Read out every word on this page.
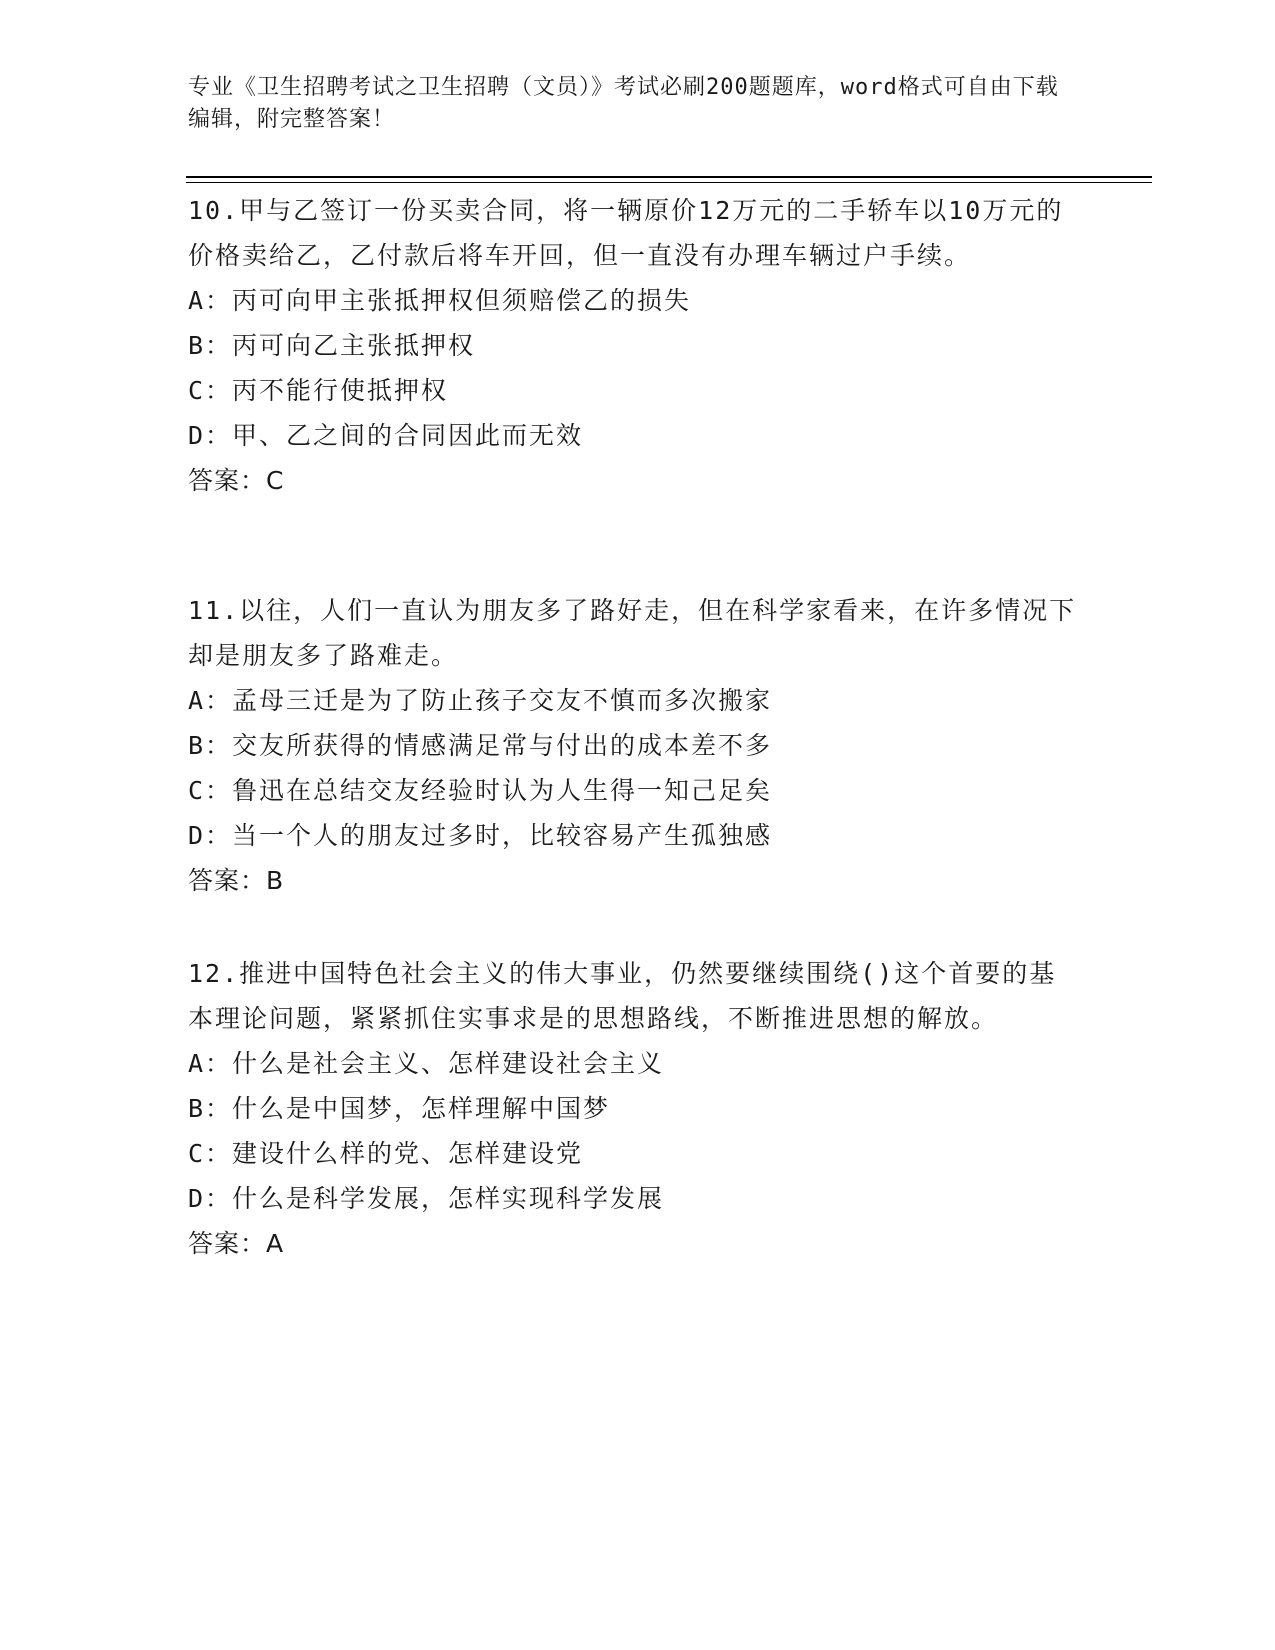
专业《卫生招聘考试之卫生招聘（文员）》考试必刷200题题库，word格式可自由下载编辑，附完整答案！
10.甲与乙签订一份买卖合同，将一辆原价12万元的二手轿车以10万元的价格卖给乙，乙付款后将车开回，但一直没有办理车辆过户手续。
A：丙可向甲主张抵押权但须赔偿乙的损失
B：丙可向乙主张抵押权
C：丙不能行使抵押权
D：甲、乙之间的合同因此而无效
答案：C
11.以往，人们一直认为朋友多了路好走，但在科学家看来，在许多情况下却是朋友多了路难走。
A：孟母三迁是为了防止孩子交友不慎而多次搬家
B：交友所获得的情感满足常与付出的成本差不多
C：鲁迅在总结交友经验时认为人生得一知己足矣
D：当一个人的朋友过多时，比较容易产生孤独感
答案：B
12.推进中国特色社会主义的伟大事业，仍然要继续围绕()这个首要的基本理论问题，紧紧抓住实事求是的思想路线，不断推进思想的解放。
A：什么是社会主义、怎样建设社会主义
B：什么是中国梦，怎样理解中国梦
C：建设什么样的党、怎样建设党
D：什么是科学发展，怎样实现科学发展
答案：A
